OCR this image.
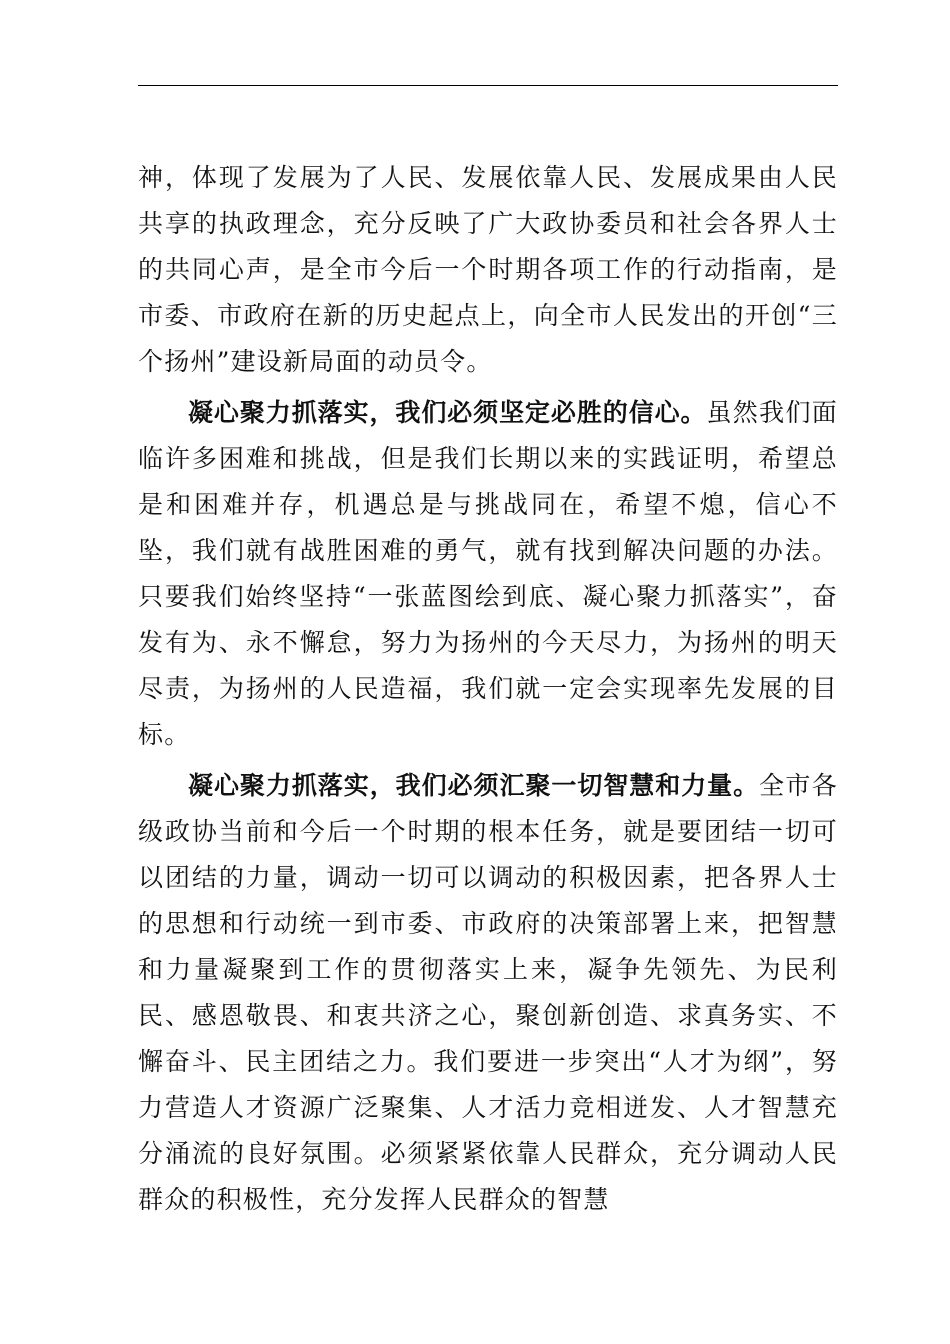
神，体现了发展为了人民、发展依靠人民、发展成果由人民共享的执政理念，充分反映了广大政协委员和社会各界人士的共同心声，是全市今后一个时期各项工作的行动指南，是市委、市政府在新的历史起点上，向全市人民发出的开创“三个扬州”建设新局面的动员令。

凝心聚力抓落实，我们必须坚定必胜的信心。虽然我们面临许多困难和挑战，但是我们长期以来的实践证明，希望总是和困难并存，机遇总是与挑战同在，希望不熄，信心不坠，我们就有战胜困难的勇气，就有找到解决问题的办法。只要我们始终坚持“一张蓝图绘到底、凝心聚力抓落实”，奋发有为、永不懈怠，努力为扬州的今天尽力，为扬州的明天尽责，为扬州的人民造福，我们就一定会实现率先发展的目标。

凝心聚力抓落实，我们必须汇聚一切智慧和力量。全市各级政协当前和今后一个时期的根本任务，就是要团结一切可以团结的力量，调动一切可以调动的积极因素，把各界人士的思想和行动统一到市委、市政府的决策部署上来，把智慧和力量凝聚到工作的贯彻落实上来，凝争先领先、为民利民、感恩敬畏、和衷共济之心，聚创新创造、求真务实、不懈奋斗、民主团结之力。我们要进一步突出“人才为纲”，努力营造人才资源广泛聚集、人才活力竞相迸发、人才智慧充分涌流的良好氛围。必须紧紧依靠人民群众，充分调动人民群众的积极性，充分发挥人民群众的智慧
